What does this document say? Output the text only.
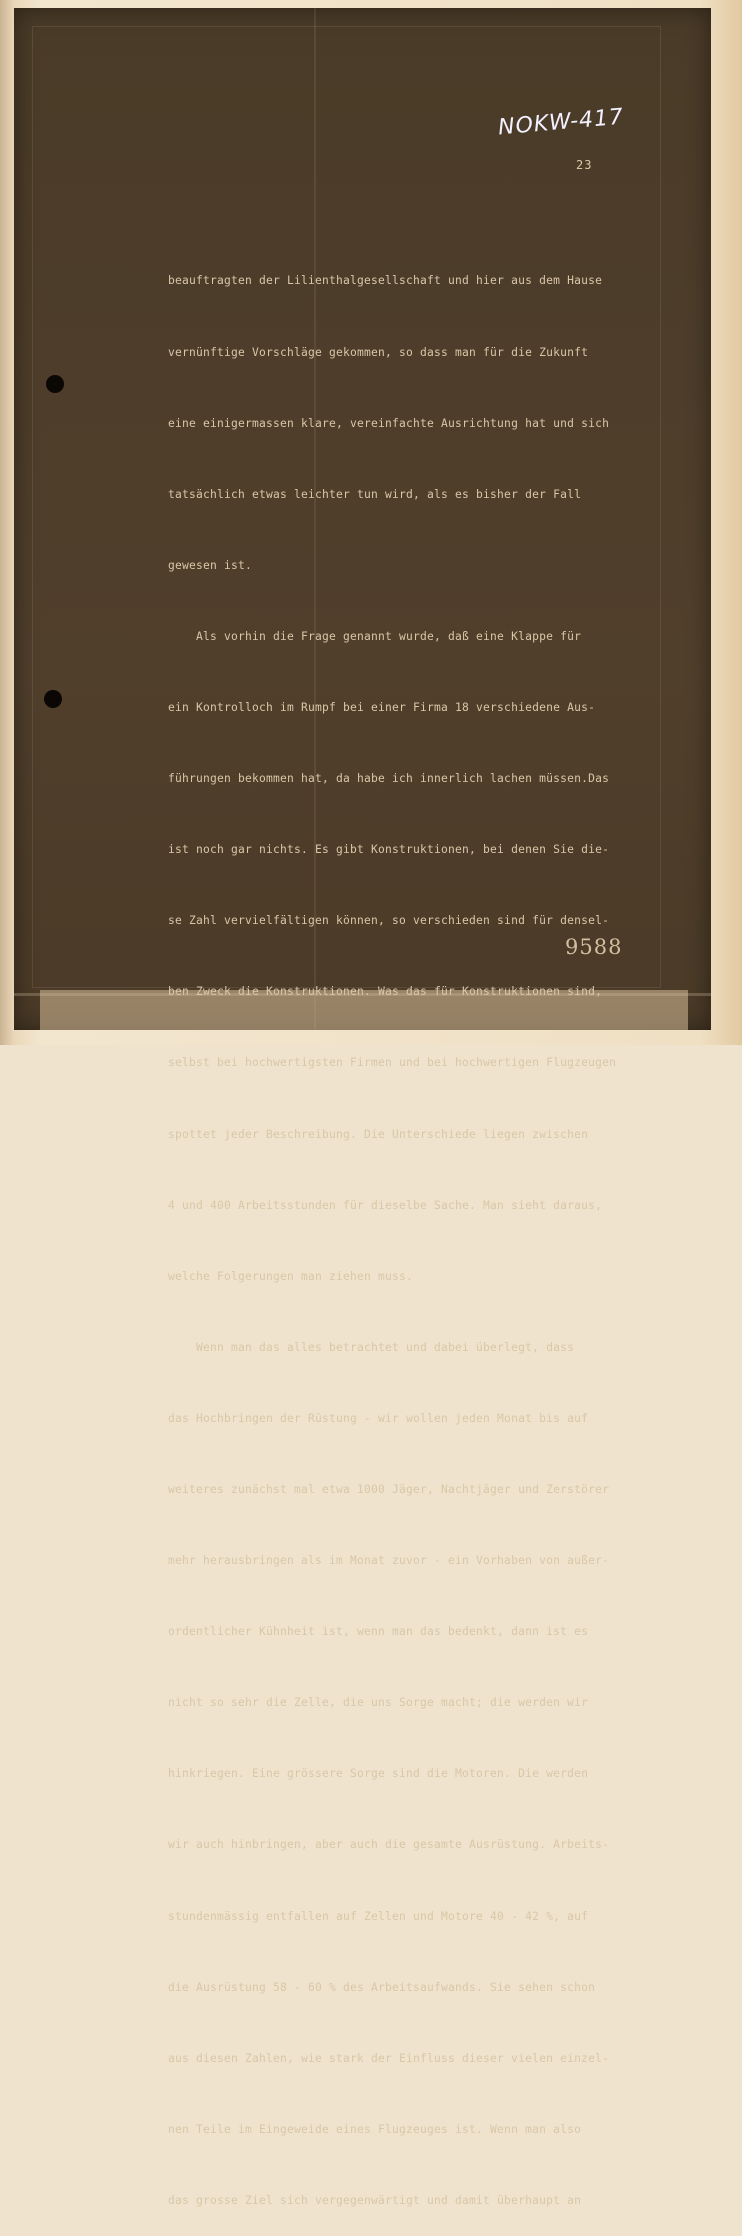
NOKW-417
23

beauftragten der Lilienthalgesellschaft und hier aus dem Hause

vernünftige Vorschläge gekommen, so dass man für die Zukunft

eine einigermassen klare, vereinfachte Ausrichtung hat und sich

tatsächlich etwas leichter tun wird, als es bisher der Fall

gewesen ist.

Als vorhin die Frage genannt wurde, daß eine Klappe für

ein Kontrolloch im Rumpf bei einer Firma 18 verschiedene Aus-

führungen bekommen hat, da habe ich innerlich lachen müssen.Das

ist noch gar nichts. Es gibt Konstruktionen, bei denen Sie die-

se Zahl vervielfältigen können, so verschieden sind für densel-

ben Zweck die Konstruktionen. Was das für Konstruktionen sind,

selbst bei hochwertigsten Firmen und bei hochwertigen Flugzeugen

spottet jeder Beschreibung. Die Unterschiede liegen zwischen

4 und 400 Arbeitsstunden für dieselbe Sache. Man sieht daraus,

welche Folgerungen man ziehen muss.

Wenn man das alles betrachtet und dabei überlegt, dass

das Hochbringen der Rüstung - wir wollen jeden Monat bis auf

weiteres zunächst mal etwa 1000 Jäger, Nachtjäger und Zerstörer

mehr herausbringen als im Monat zuvor - ein Vorhaben von außer-

ordentlicher Kühnheit ist, wenn man das bedenkt, dann ist es

nicht so sehr die Zelle, die uns Sorge macht; die werden wir

hinkriegen. Eine grössere Sorge sind die Motoren. Die werden

wir auch hinbringen, aber auch die gesamte Ausrüstung. Arbeits-

stundenmässig entfallen auf Zellen und Motore 40 - 42 %, auf

die Ausrüstung 58 - 60 % des Arbeitsaufwands. Sie sehen schon

aus diesen Zahlen, wie stark der Einfluss dieser vielen einzel-

nen Teile im Eingeweide eines Flugzeuges ist. Wenn man also

das grosse Ziel sich vergegenwärtigt und damit überhaupt an

9588
